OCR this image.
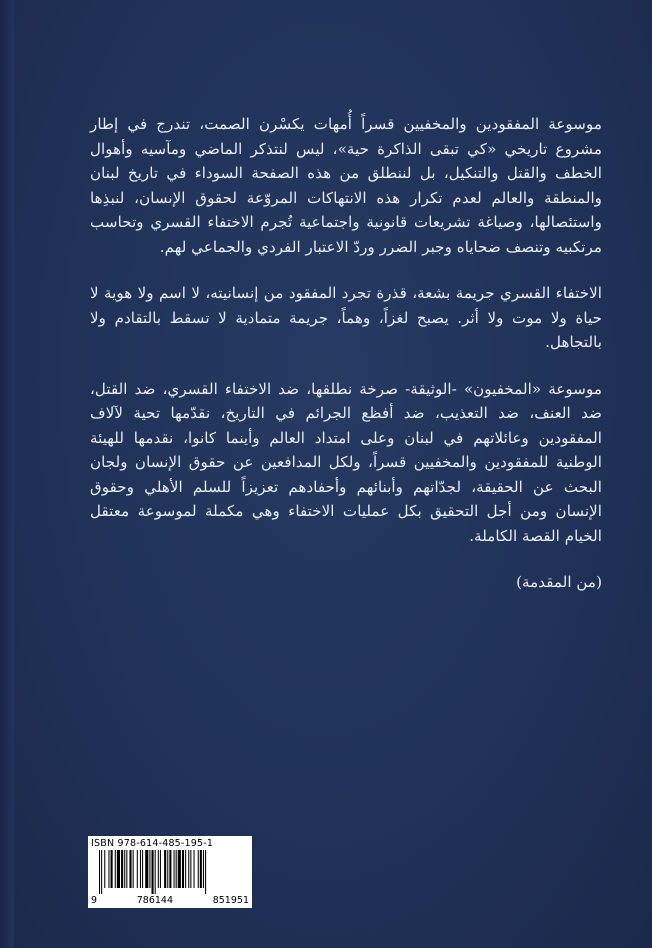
موسوعة المفقودين والمخفيين قسراً أُمهات يكسْرن الصمت، تندرج في إطار مشروع تاريخي «كي تبقى الذاكرة حية»، ليس لنتذكر الماضي ومآسيه وأهوال الخطف والقتل والتنكيل، بل لننطلق من هذه الصفحة السوداء في تاريخ لبنان والمنطقة والعالم لعدم تكرار هذه الانتهاكات المروّعة لحقوق الإنسان، لنبذِها واستئصالها، وصياغة تشريعات قانونية واجتماعية تُجرم الاختفاء القسري وتحاسب مرتكبيه وتنصف ضحاياه وجبر الضرر وردّ الاعتبار الفردي والجماعي لهم.

الاختفاء القسري جريمة بشعة، قذرة تجرد المفقود من إنسانيته، لا اسم ولا هوية لا حياة ولا موت ولا أثر. يصبح لغزاً، وهماً، جريمة متمادية لا تسقط بالتقادم ولا بالتجاهل.

موسوعة «المخفيون» -الوثيقة- صرخة نطلقها، ضد الاختفاء القسري، ضد القتل، ضد العنف، ضد التعذيب، ضد أفظع الجرائم في التاريخ، نقدّمها تحية لآلاف المفقودين وعائلاتهم في لبنان وعلى امتداد العالم وأينما كانوا، نقدمها للهيئة الوطنية للمفقودين والمخفيين قسراً، ولكل المدافعين عن حقوق الإنسان ولجان البحث عن الحقيقة، لجدّاتهم وأبنائهم وأحفادهم تعزيزاً للسلم الأهلي وحقوق الإنسان ومن أجل التحقيق بكل عمليات الاختفاء وهي مكملة لموسوعة معتقل الخيام القصة الكاملة.

(من المقدمة)
ISBN 978-614-485-195-1
9	786144	851951
